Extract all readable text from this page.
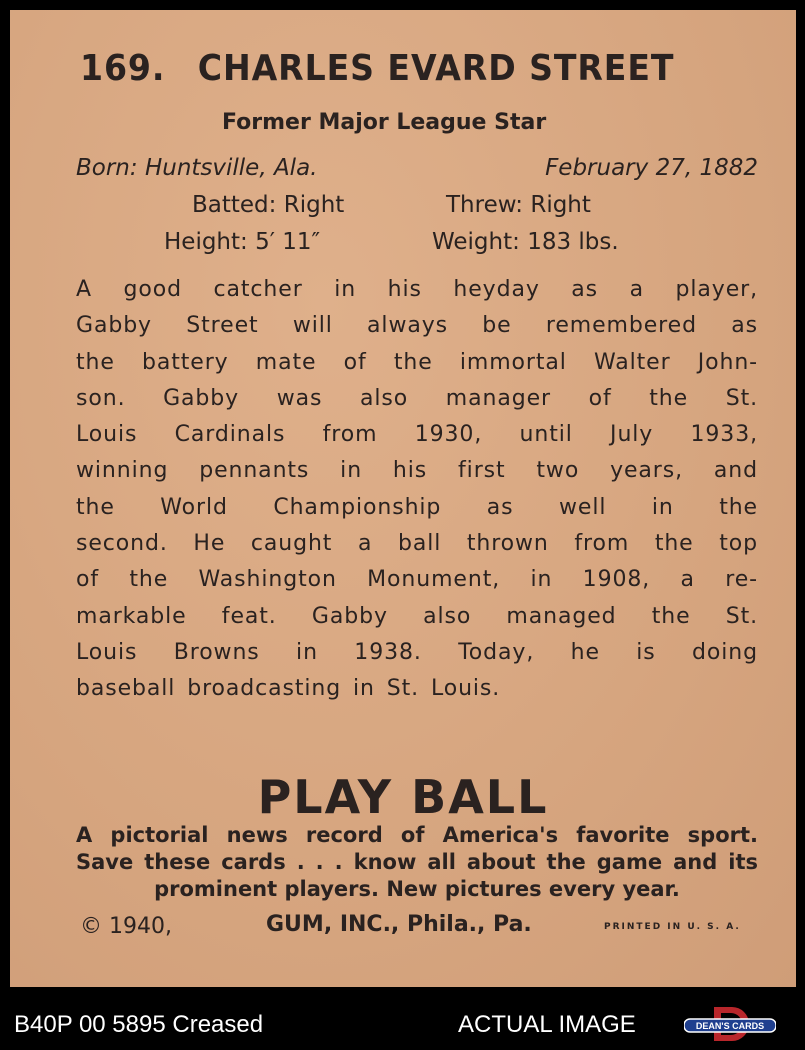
169. CHARLES EVARD STREET
Former Major League Star
Born: Huntsville, Ala.	February 27, 1882
Batted: Right	Threw: Right
Height: 5′ 11″	Weight: 183 lbs.
A good catcher in his heyday as a player,
Gabby Street will always be remembered as
the battery mate of the immortal Walter John-
son. Gabby was also manager of the St.
Louis Cardinals from 1930, until July 1933,
winning pennants in his first two years, and
the World Championship as well in the
second. He caught a ball thrown from the top
of the Washington Monument, in 1908, a re-
markable feat. Gabby also managed the St.
Louis Browns in 1938. Today, he is doing
baseball broadcasting in St. Louis.
PLAY BALL
A pictorial news record of America's favorite sport.
Save these cards . . . know all about the game and its
prominent players. New pictures every year.
© 1940,	GUM, INC., Phila., Pa.	PRINTED IN U. S. A.
B40P 00 5895 Creased	ACTUAL IMAGE	DEAN'S CARDS
